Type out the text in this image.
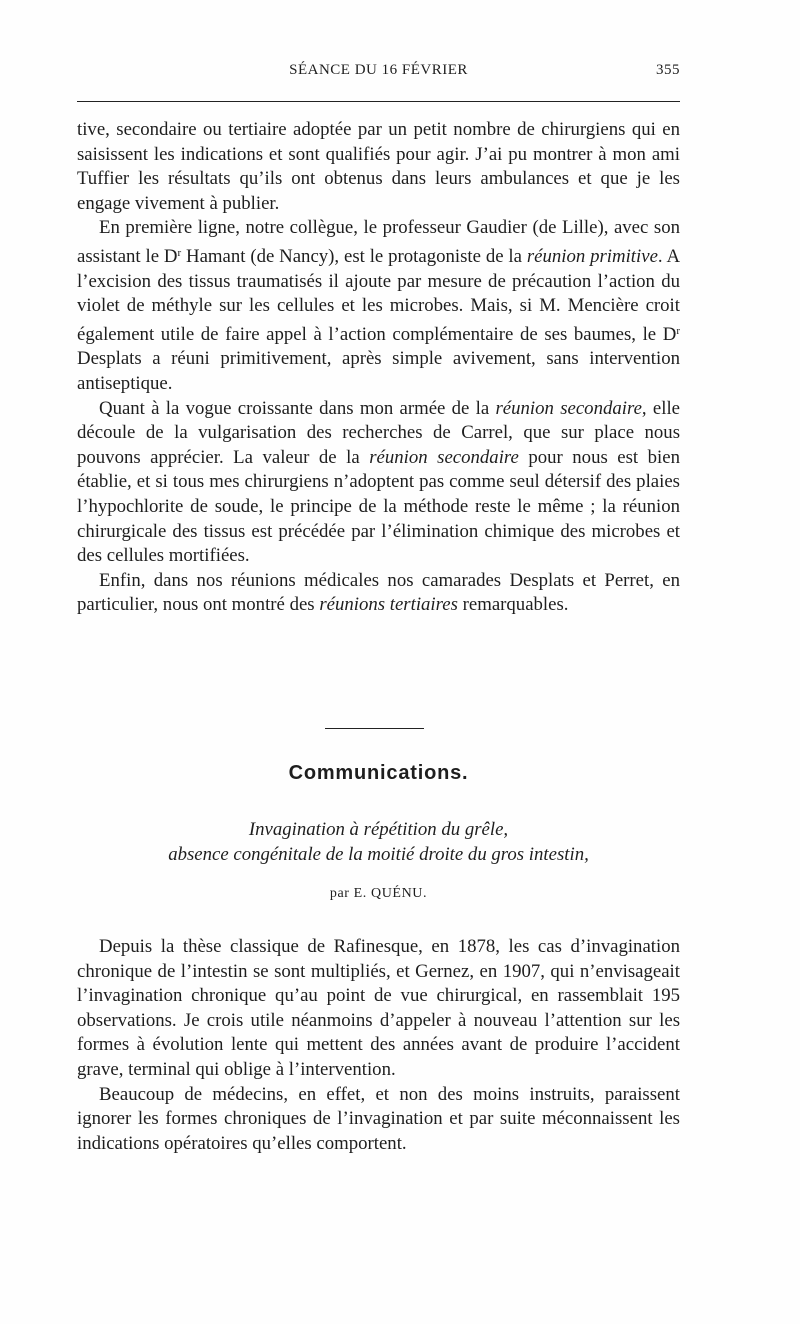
SÉANCE DU 16 FÉVRIER	355

tive, secondaire ou tertiaire adoptée par un petit nombre de chirurgiens qui en saisissent les indications et sont qualifiés pour agir. J’ai pu montrer à mon ami Tuffier les résultats qu’ils ont obtenus dans leurs ambulances et que je les engage vivement à publier.

En première ligne, notre collègue, le professeur Gaudier (de Lille), avec son assistant le $D^r$ Hamant (de Nancy), est le protagoniste de la réunion primitive. A l’excision des tissus traumatisés il ajoute par mesure de précaution l’action du violet de méthyle sur les cellules et les microbes. Mais, si M. Mencière croit également utile de faire appel à l’action complémentaire de ses baumes, le $D^r$ Desplats a réuni primitivement, après simple avivement, sans intervention antiseptique.

Quant à la vogue croissante dans mon armée de la réunion secondaire, elle découle de la vulgarisation des recherches de Carrel, que sur place nous pouvons apprécier. La valeur de la réunion secondaire pour nous est bien établie, et si tous mes chirurgiens n’adoptent pas comme seul détersif des plaies l’hypochlorite de soude, le principe de la méthode reste le même ; la réunion chirurgicale des tissus est précédée par l’élimination chimique des microbes et des cellules mortifiées.

Enfin, dans nos réunions médicales nos camarades Desplats et Perret, en particulier, nous ont montré des réunions tertiaires remarquables.

Communications.
Invagination à répétition du grêle,
absence congénitale de la moitié droite du gros intestin,
par E. QUÉNU.

Depuis la thèse classique de Rafinesque, en 1878, les cas d’invagination chronique de l’intestin se sont multipliés, et Gernez, en 1907, qui n’envisageait l’invagination chronique qu’au point de vue chirurgical, en rassemblait 195 observations. Je crois utile néanmoins d’appeler à nouveau l’attention sur les formes à évolution lente qui mettent des années avant de produire l’accident grave, terminal qui oblige à l’intervention.

Beaucoup de médecins, en effet, et non des moins instruits, paraissent ignorer les formes chroniques de l’invagination et par suite méconnaissent les indications opératoires qu’elles comportent.
